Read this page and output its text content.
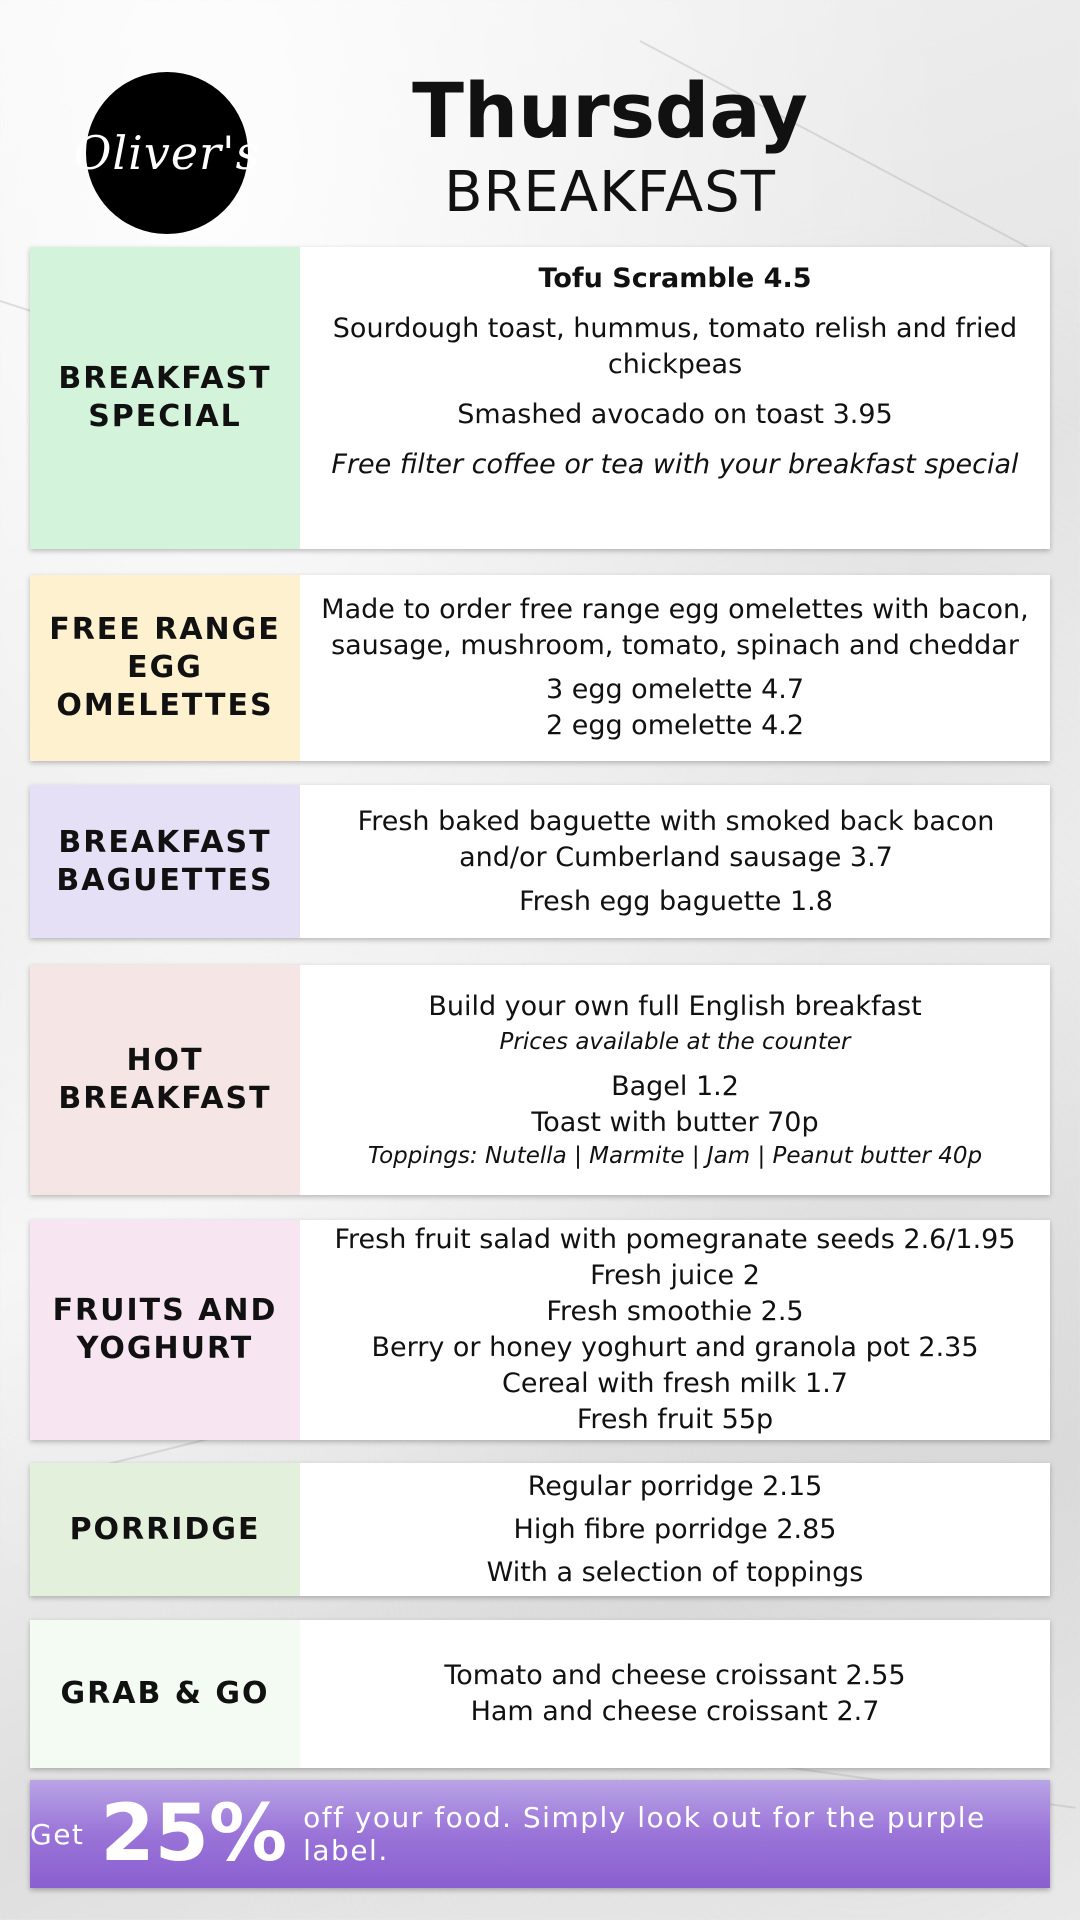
Oliver's	Thursday
BREAKFAST
BREAKFAST SPECIAL
Tofu Scramble 4.5
Sourdough toast, hummus, tomato relish and fried chickpeas
Smashed avocado on toast 3.95
Free filter coffee or tea with your breakfast special
FREE RANGE EGG OMELETTES
Made to order free range egg omelettes with bacon, sausage, mushroom, tomato, spinach and cheddar
3 egg omelette 4.7
2 egg omelette 4.2
BREAKFAST BAGUETTES
Fresh baked baguette with smoked back bacon and/or Cumberland sausage 3.7
Fresh egg baguette 1.8
HOT BREAKFAST
Build your own full English breakfast
Prices available at the counter
Bagel 1.2
Toast with butter 70p
Toppings: Nutella | Marmite | Jam | Peanut butter 40p
FRUITS AND YOGHURT
Fresh fruit salad with pomegranate seeds 2.6/1.95
Fresh juice 2
Fresh smoothie 2.5
Berry or honey yoghurt and granola pot 2.35
Cereal with fresh milk 1.7
Fresh fruit 55p
PORRIDGE
Regular porridge 2.15
High fibre porridge 2.85
With a selection of toppings
GRAB & GO
Tomato and cheese croissant 2.55
Ham and cheese croissant 2.7
Get 25% off your food. Simply look out for the purple label.
